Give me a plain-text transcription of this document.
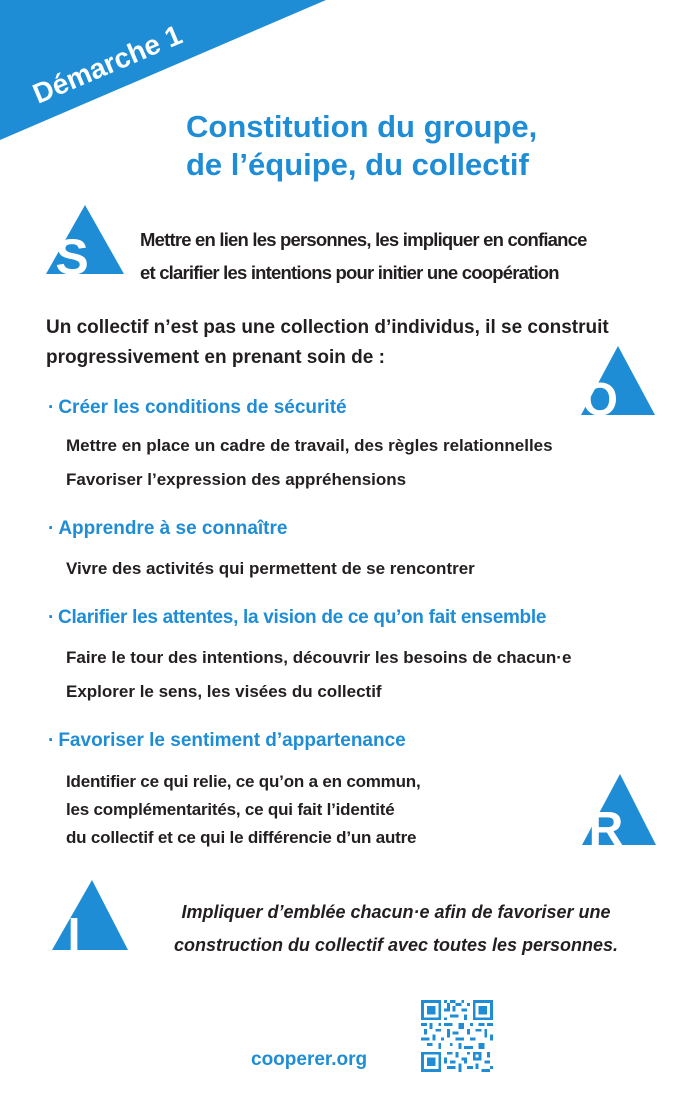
Démarche 1
Constitution du groupe,
de l’équipe, du collectif
S	Mettre en lien les personnes, les impliquer en confiance
et clarifier les intentions pour initier une coopération
Un collectif n’est pas une collection d’individus, il se construit
progressivement en prenant soin de :
O
· Créer les conditions de sécurité
Mettre en place un cadre de travail, des règles relationnelles
Favoriser l’expression des appréhensions
· Apprendre à se connaître
Vivre des activités qui permettent de se rencontrer
· Clarifier les attentes, la vision de ce qu’on fait ensemble
Faire le tour des intentions, découvrir les besoins de chacun·e
Explorer le sens, les visées du collectif
· Favoriser le sentiment d’appartenance
Identifier ce qui relie, ce qu’on a en commun,
les complémentarités, ce qui fait l’identité
du collectif et ce qui le différencie d’un autre	R
I	Impliquer d’emblée chacun·e afin de favoriser une
construction du collectif avec toutes les personnes.
cooperer.org
